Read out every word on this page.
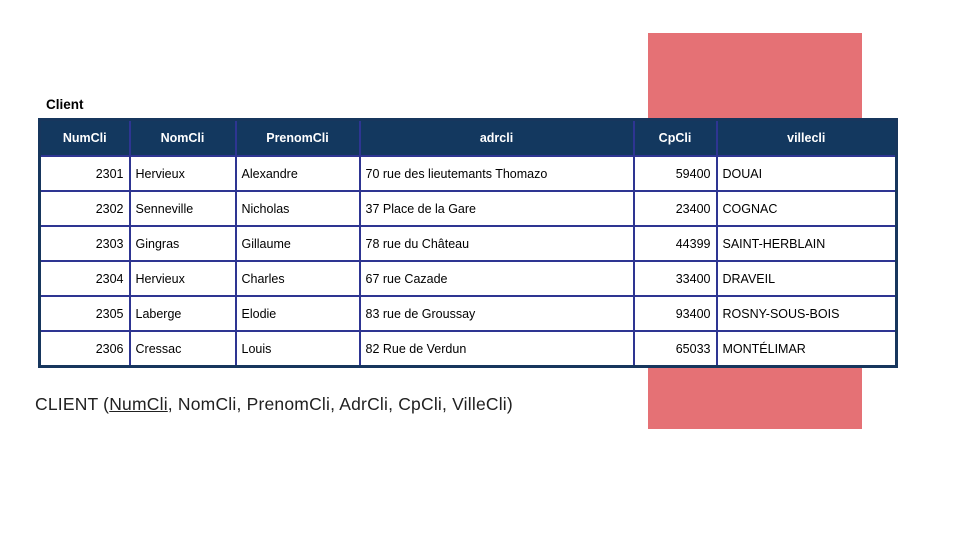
Client
NumCli	NomCli	PrenomCli	adrcli	CpCli	villecli
2301	Hervieux	Alexandre	70 rue des lieutemants Thomazo	59400	DOUAI
2302	Senneville	Nicholas	37 Place de la Gare	23400	COGNAC
2303	Gingras	Gillaume	78 rue du Château	44399	SAINT-HERBLAIN
2304	Hervieux	Charles	67 rue Cazade	33400	DRAVEIL
2305	Laberge	Elodie	83 rue de Groussay	93400	ROSNY-SOUS-BOIS
2306	Cressac	Louis	82 Rue de Verdun	65033	MONTÉLIMAR
CLIENT (NumCli, NomCli, PrenomCli, AdrCli, CpCli, VilleCli)
